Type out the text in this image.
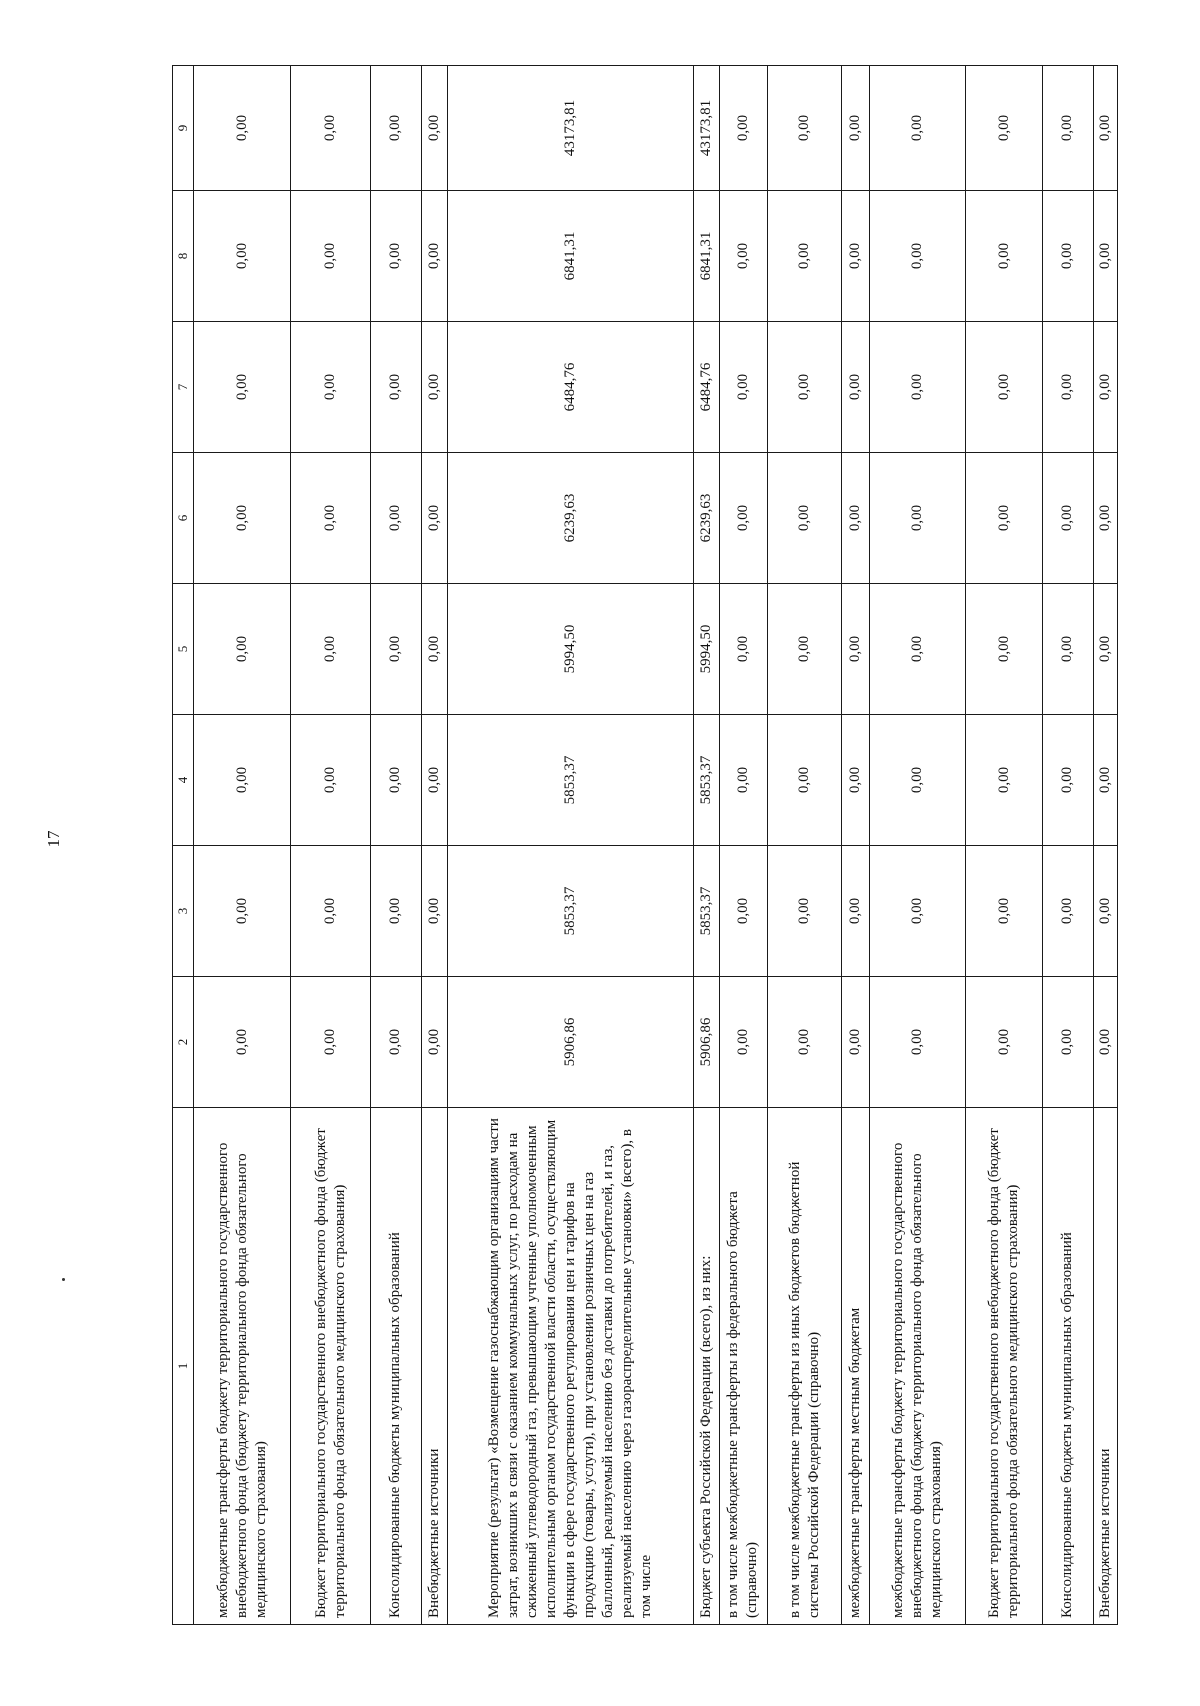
17
1	2	3	4	5	6	7	8	9
межбюджетные трансферты бюджету территориального государственного внебюджетного фонда (бюджету территориального фонда обязательного медицинского страхования)	0,00	0,00	0,00	0,00	0,00	0,00	0,00	0,00
Бюджет территориального государственного внебюджетного фонда (бюджет территориального фонда обязательного медицинского страхования)	0,00	0,00	0,00	0,00	0,00	0,00	0,00	0,00
Консолидированные бюджеты муниципальных образований	0,00	0,00	0,00	0,00	0,00	0,00	0,00	0,00
Внебюджетные источники	0,00	0,00	0,00	0,00	0,00	0,00	0,00	0,00
Мероприятие (результат) «Возмещение газоснабжающим организациям части затрат, возникших в связи с оказанием коммунальных услуг, по расходам на сжиженный углеводородный газ, превышающим учтенные уполномоченным исполнительным органом государственной власти области, осуществляющим функции в сфере государственного регулирования цен и тарифов на продукцию (товары, услуги), при установлении розничных цен на газ баллонный, реализуемый населению без доставки до потребителей, и газ, реализуемый населению через газораспределительные установки» (всего), в том числе	5906,86	5853,37	5853,37	5994,50	6239,63	6484,76	6841,31	43173,81
Бюджет субъекта Российской Федерации (всего), из них:	5906,86	5853,37	5853,37	5994,50	6239,63	6484,76	6841,31	43173,81
в том числе межбюджетные трансферты из федерального бюджета (справочно)	0,00	0,00	0,00	0,00	0,00	0,00	0,00	0,00
в том числе межбюджетные трансферты из иных бюджетов бюджетной системы Российской Федерации (справочно)	0,00	0,00	0,00	0,00	0,00	0,00	0,00	0,00
межбюджетные трансферты местным бюджетам	0,00	0,00	0,00	0,00	0,00	0,00	0,00	0,00
межбюджетные трансферты бюджету территориального государственного внебюджетного фонда (бюджету территориального фонда обязательного медицинского страхования)	0,00	0,00	0,00	0,00	0,00	0,00	0,00	0,00
Бюджет территориального государственного внебюджетного фонда (бюджет территориального фонда обязательного медицинского страхования)	0,00	0,00	0,00	0,00	0,00	0,00	0,00	0,00
Консолидированные бюджеты муниципальных образований	0,00	0,00	0,00	0,00	0,00	0,00	0,00	0,00
Внебюджетные источники	0,00	0,00	0,00	0,00	0,00	0,00	0,00	0,00
